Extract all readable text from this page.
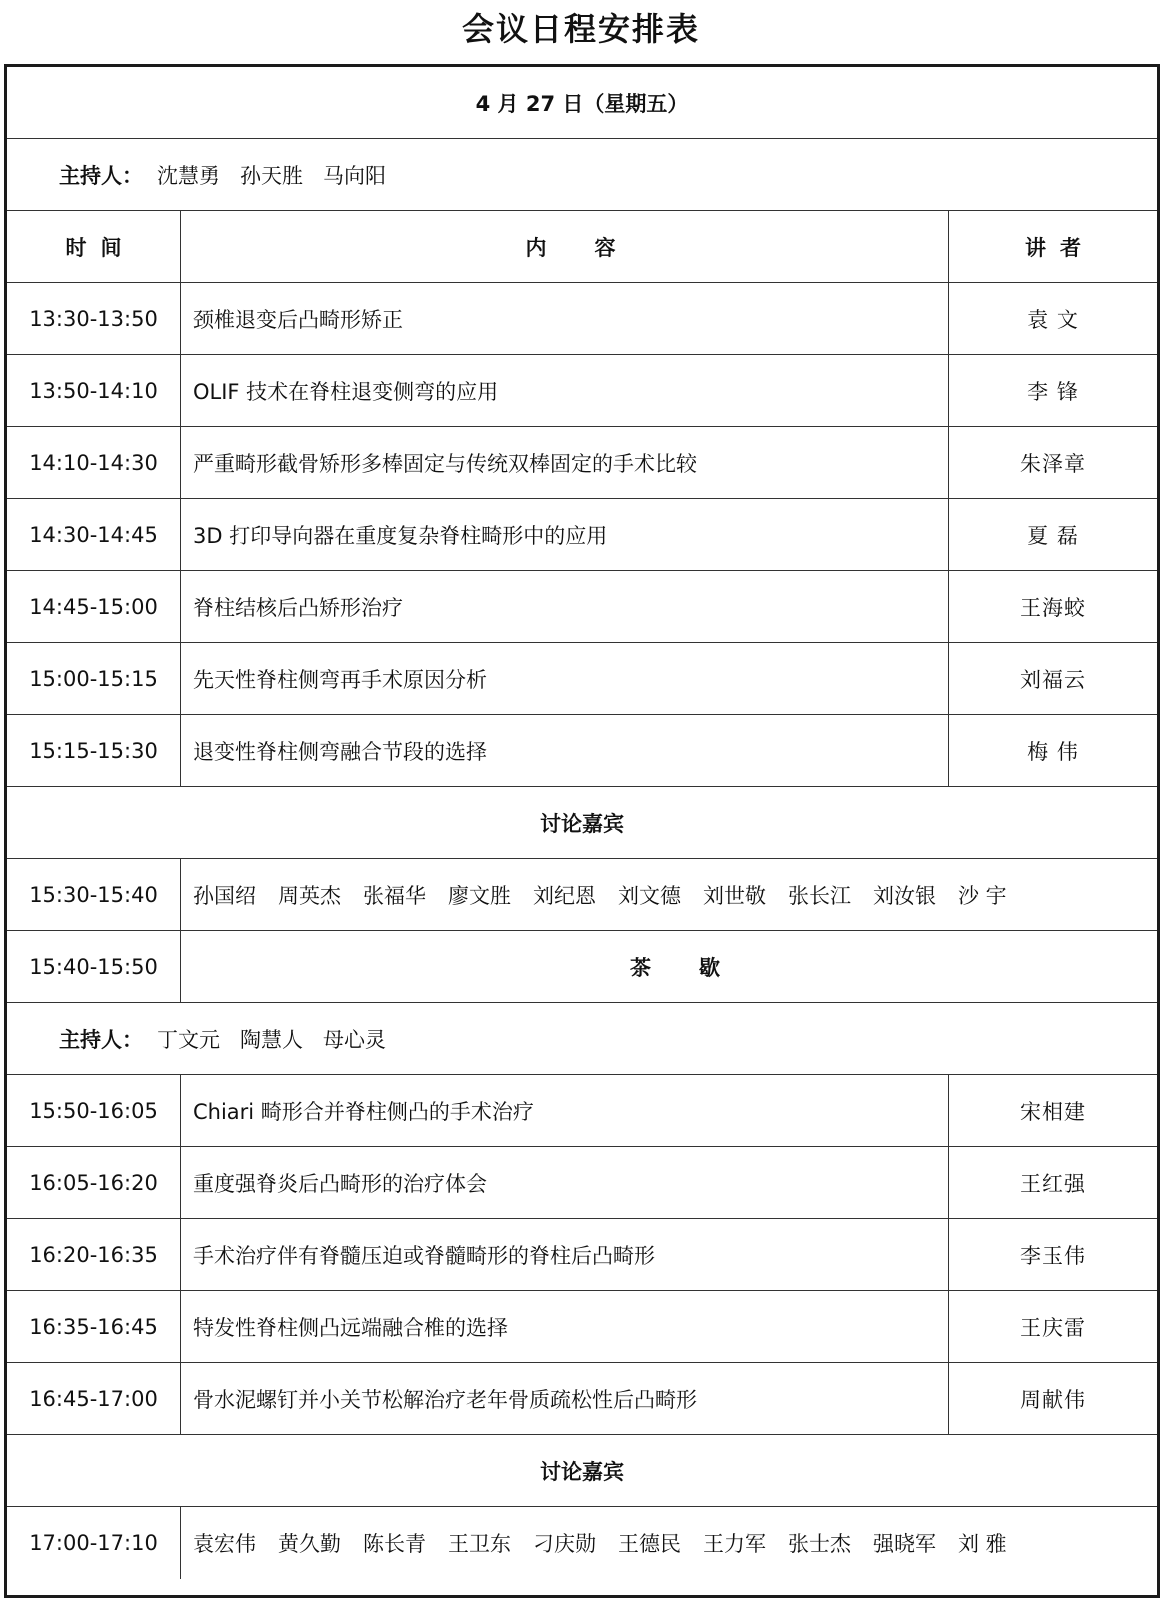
会议日程安排表
4 月 27 日（星期五）
主持人： 沈慧勇 孙天胜 马向阳
时间	内容	讲者
13:30-13:50	颈椎退变后凸畸形矫正	袁 文
13:50-14:10	OLIF 技术在脊柱退变侧弯的应用	李 锋
14:10-14:30	严重畸形截骨矫形多棒固定与传统双棒固定的手术比较	朱泽章
14:30-14:45	3D 打印导向器在重度复杂脊柱畸形中的应用	夏 磊
14:45-15:00	脊柱结核后凸矫形治疗	王海蛟
15:00-15:15	先天性脊柱侧弯再手术原因分析	刘福云
15:15-15:30	退变性脊柱侧弯融合节段的选择	梅 伟
讨论嘉宾
15:30-15:40	孙国绍 周英杰 张福华 廖文胜 刘纪恩 刘文德 刘世敬 张长江 刘汝银 沙 宇
15:40-15:50	茶歇
主持人： 丁文元 陶慧人 母心灵
15:50-16:05	Chiari 畸形合并脊柱侧凸的手术治疗	宋相建
16:05-16:20	重度强脊炎后凸畸形的治疗体会	王红强
16:20-16:35	手术治疗伴有脊髓压迫或脊髓畸形的脊柱后凸畸形	李玉伟
16:35-16:45	特发性脊柱侧凸远端融合椎的选择	王庆雷
16:45-17:00	骨水泥螺钉并小关节松解治疗老年骨质疏松性后凸畸形	周献伟
讨论嘉宾
17:00-17:10	袁宏伟 黄久勤 陈长青 王卫东 刁庆勋 王德民 王力军 张士杰 强晓军 刘 雅
